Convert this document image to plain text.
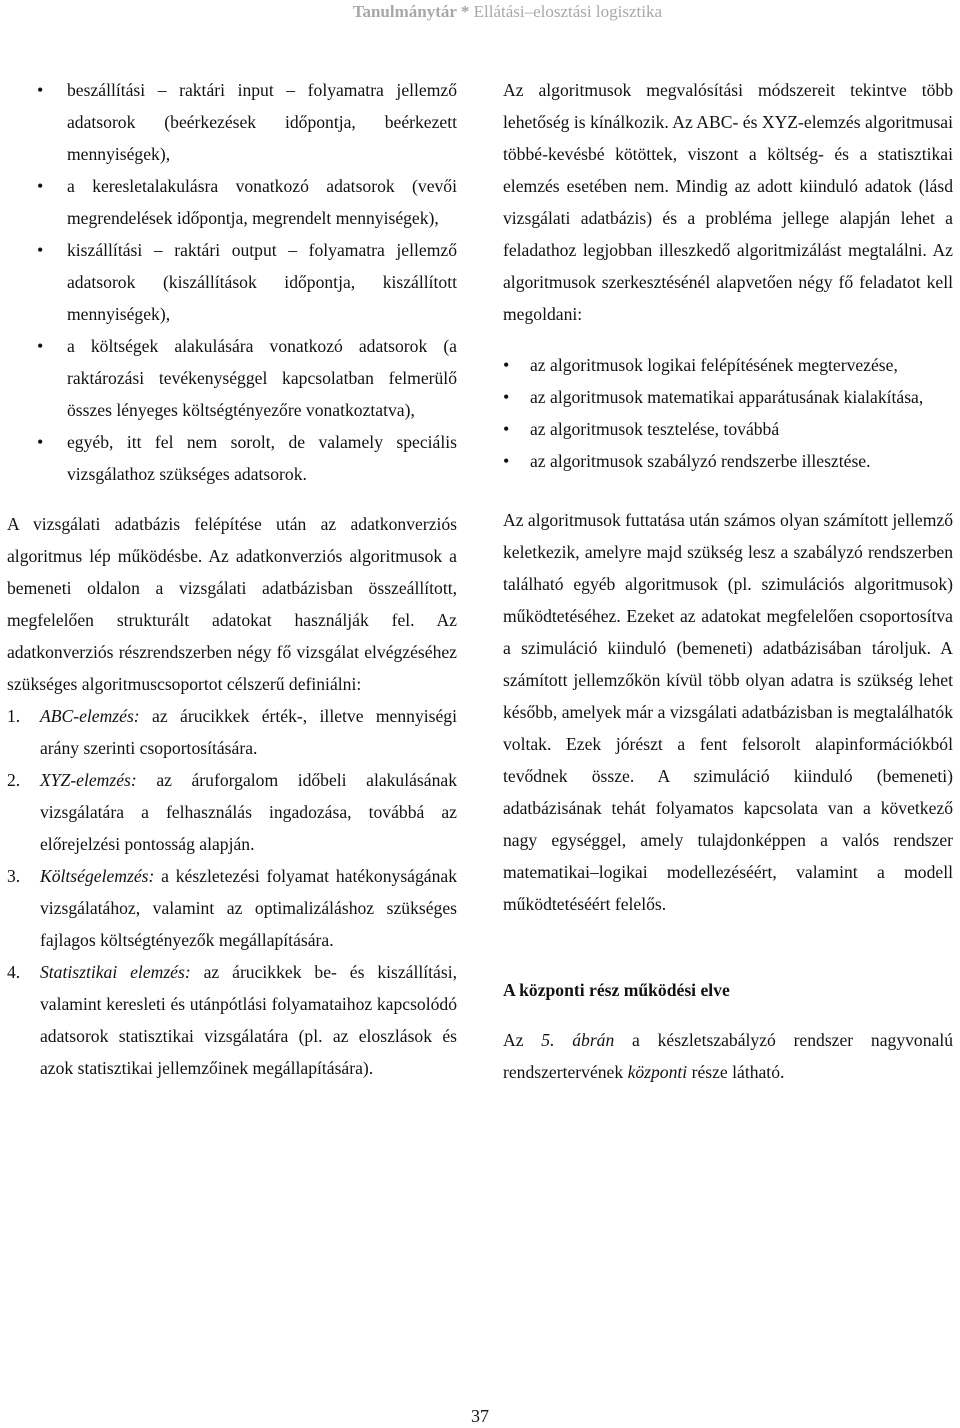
Tanulmánytár * Ellátási–elosztási logisztika
• beszállítási – raktári input – folyamatra jellemző adatsorok (beérkezések időpontja, beérkezett mennyiségek),
• a keresletalakulásra vonatkozó adatsorok (vevői megrendelések időpontja, megrendelt mennyiségek),
• kiszállítási – raktári output – folyamatra jellemző adatsorok (kiszállítások időpontja, kiszállított mennyiségek),
• a költségek alakulására vonatkozó adatsorok (a raktározási tevékenységgel kapcsolatban felmerülő összes lényeges költségtényezőre vonatkoztatva),
• egyéb, itt fel nem sorolt, de valamely speciális vizsgálathoz szükséges adatsorok.

A vizsgálati adatbázis felépítése után az adatkonverziós algoritmus lép működésbe. Az adatkonverziós algoritmusok a bemeneti oldalon a vizsgálati adatbázisban összeállított, megfelelően strukturált adatokat használják fel. Az adatkonverziós részrendszerben négy fő vizsgálat elvégzéséhez szükséges algoritmuscsoportot célszerű definiálni:

1. ABC-elemzés: az árucikkek érték-, illetve mennyiségi arány szerinti csoportosítására.
2. XYZ-elemzés: az áruforgalom időbeli alakulásának vizsgálatára a felhasználás ingadozása, továbbá az előrejelzési pontosság alapján.
3. Költségelemzés: a készletezési folyamat hatékonyságának vizsgálatához, valamint az optimalizáláshoz szükséges fajlagos költségtényezők megállapítására.
4. Statisztikai elemzés: az árucikkek be- és kiszállítási, valamint keresleti és utánpótlási folyamataihoz kapcsolódó adatsorok statisztikai vizsgálatára (pl. az eloszlások és azok statisztikai jellemzőinek megállapítására).

Az algoritmusok megvalósítási módszereit tekintve több lehetőség is kínálkozik. Az ABC- és XYZ-elemzés algoritmusai többé-kevésbé kötöttek, viszont a költség- és a statisztikai elemzés esetében nem. Mindig az adott kiinduló adatok (lásd vizsgálati adatbázis) és a probléma jellege alapján lehet a feladathoz legjobban illeszkedő algoritmizálást megtalálni. Az algoritmusok szerkesztésénél alapvetően négy fő feladatot kell megoldani:

• az algoritmusok logikai felépítésének megtervezése,
• az algoritmusok matematikai apparátusának kialakítása,
• az algoritmusok tesztelése, továbbá
• az algoritmusok szabályzó rendszerbe illesztése.

Az algoritmusok futtatása után számos olyan számított jellemző keletkezik, amelyre majd szükség lesz a szabályzó rendszerben található egyéb algoritmusok (pl. szimulációs algoritmusok) működtetéséhez. Ezeket az adatokat megfelelően csoportosítva a szimuláció kiinduló (bemeneti) adatbázisában tároljuk. A számított jellemzőkön kívül több olyan adatra is szükség lehet később, amelyek már a vizsgálati adatbázisban is megtalálhatók voltak. Ezek jórészt a fent felsorolt alapinformációkból tevődnek össze. A szimuláció kiinduló (bemeneti) adatbázisának tehát folyamatos kapcsolata van a következő nagy egységgel, amely tulajdonképpen a valós rendszer matematikai–logikai modellezéséért, valamint a modell működtetéséért felelős.

A központi rész működési elve

Az 5. ábrán a készletszabályzó rendszer nagyvonalú rendszertervének központi része látható.

37
